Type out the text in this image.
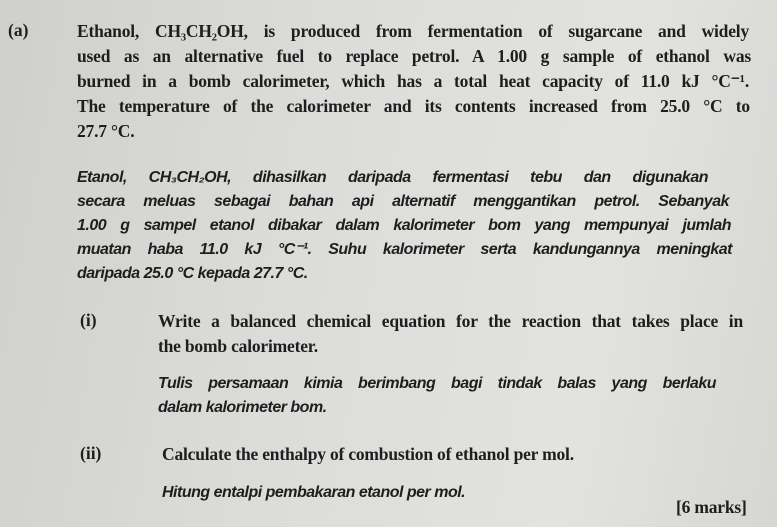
(a)	Ethanol, CH₃CH₂OH, is produced from fermentation of sugarcane and widely
used as an alternative fuel to replace petrol. A 1.00 g sample of ethanol was
burned in a bomb calorimeter, which has a total heat capacity of 11.0 kJ °C⁻¹.
The temperature of the calorimeter and its contents increased from 25.0 °C to
27.7 °C.
Etanol, CH₃CH₂OH, dihasilkan daripada fermentasi tebu dan digunakan
secara meluas sebagai bahan api alternatif menggantikan petrol. Sebanyak
1.00 g sampel etanol dibakar dalam kalorimeter bom yang mempunyai jumlah
muatan haba 11.0 kJ °C⁻¹. Suhu kalorimeter serta kandungannya meningkat
daripada 25.0 °C kepada 27.7 °C.
(i)	Write a balanced chemical equation for the reaction that takes place in
the bomb calorimeter.
Tulis persamaan kimia berimbang bagi tindak balas yang berlaku
dalam kalorimeter bom.
(ii)	Calculate the enthalpy of combustion of ethanol per mol.
Hitung entalpi pembakaran etanol per mol.
[6 marks]
